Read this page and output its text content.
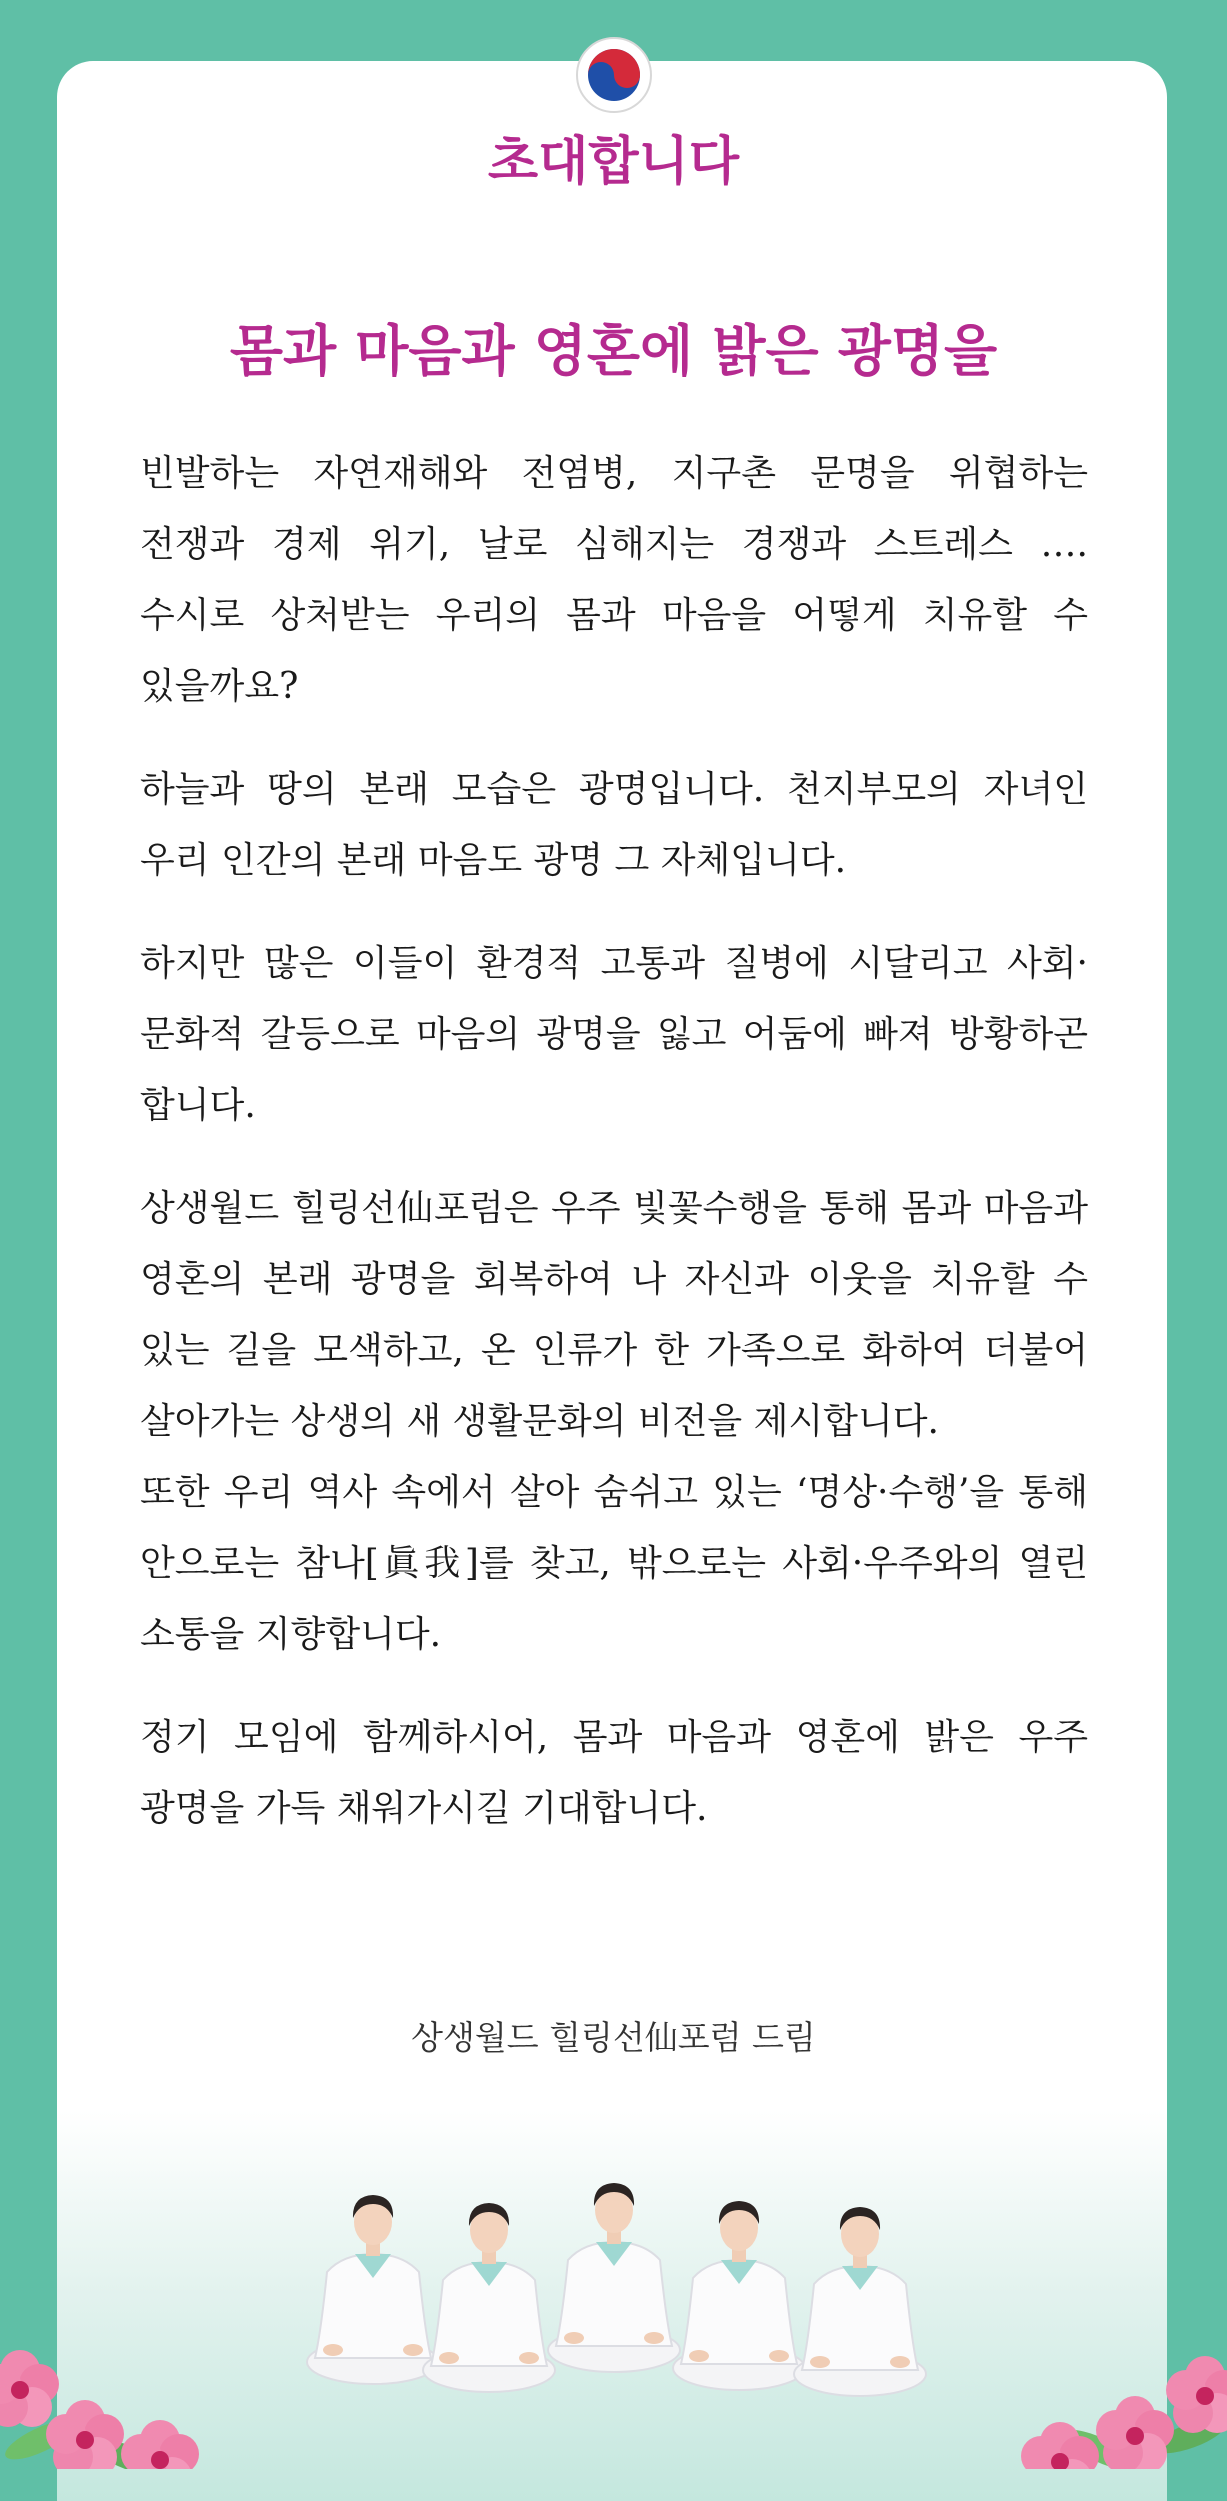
초대합니다
몸과 마음과 영혼에 밝은 광명을

빈발하는 자연재해와 전염병, 지구촌 문명을 위협하는 전쟁과 경제 위기, 날로 심해지는 경쟁과 스트레스 …. 수시로 상처받는 우리의 몸과 마음을 어떻게 치유할 수 있을까요?

하늘과 땅의 본래 모습은 광명입니다. 천지부모의 자녀인 우리 인간의 본래 마음도 광명 그 자체입니다.

하지만 많은 이들이 환경적 고통과 질병에 시달리고 사회·문화적 갈등으로 마음의 광명을 잃고 어둠에 빠져 방황하곤 합니다.

상생월드 힐링선仙포럼은 우주 빛꽃수행을 통해 몸과 마음과 영혼의 본래 광명을 회복하여 나 자신과 이웃을 치유할 수 있는 길을 모색하고, 온 인류가 한 가족으로 화하여 더불어 살아가는 상생의 새 생활문화의 비전을 제시합니다.

또한 우리 역사 속에서 살아 숨쉬고 있는 ‘명상·수행’을 통해 안으로는 참나[眞我]를 찾고, 밖으로는 사회·우주와의 열린 소통을 지향합니다.

정기 모임에 함께하시어, 몸과 마음과 영혼에 밝은 우주 광명을 가득 채워가시길 기대합니다.

상생월드 힐링선仙포럼 드림
